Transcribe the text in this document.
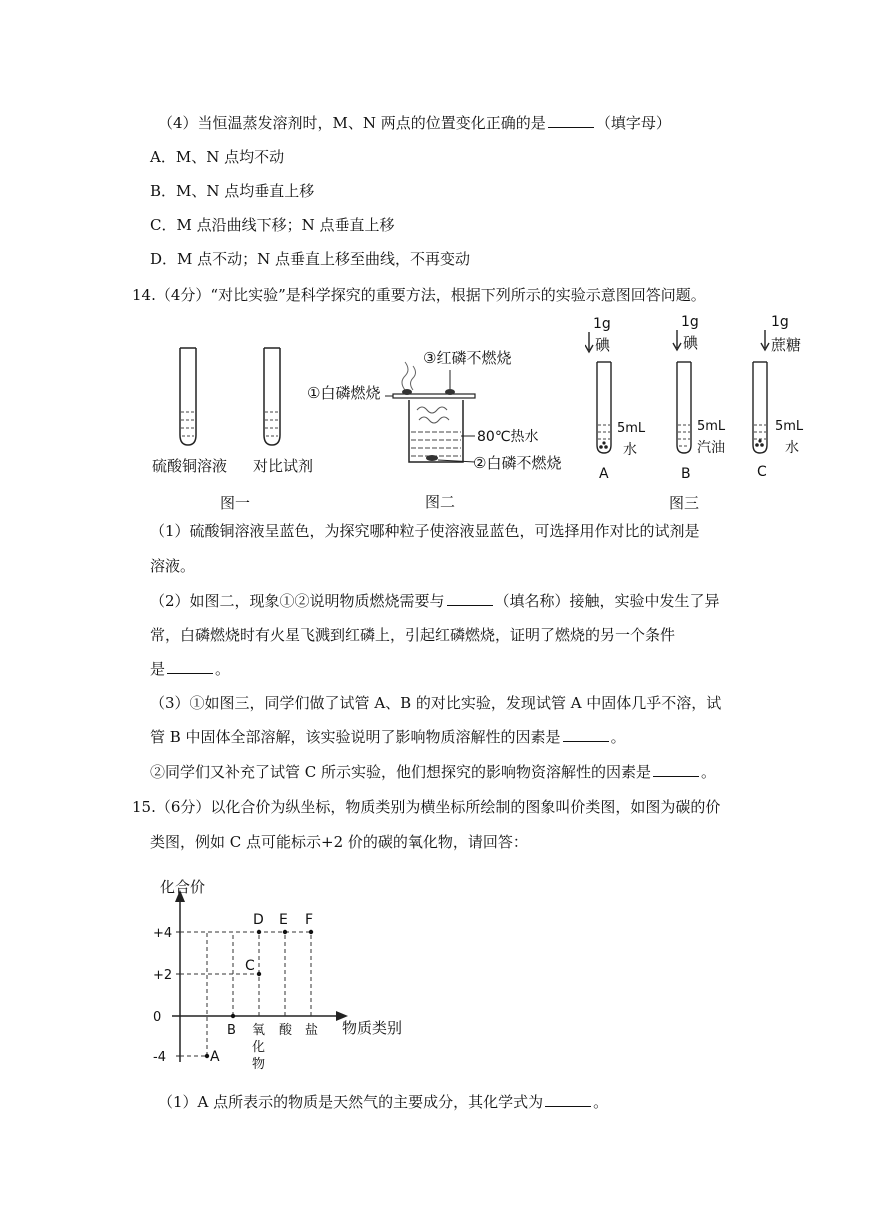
（4）当恒温蒸发溶剂时，M、N 两点的位置变化正确的是	（填字母）
A．M、N 点均不动
B．M、N 点均垂直上移
C．M 点沿曲线下移；N 点垂直上移
D．M 点不动；N 点垂直上移至曲线，不再变动
14.（4分）“对比实验”是科学探究的重要方法，根据下列所示的实验示意图回答问题。
硫酸铜溶液 对比试剂
图一
③红磷不燃烧
①白磷燃烧
80℃热水
②白磷不燃烧
图二
1g
碘
5mL
水
A
1g
碘
5mL
汽油
B
1g
蔗糖
5mL
水
C
图三
（1）硫酸铜溶液呈蓝色，为探究哪种粒子使溶液显蓝色，可选择用作对比的试剂是
溶液。
（2）如图二，现象①②说明物质燃烧需要与	（填名称）接触，实验中发生了异
常，白磷燃烧时有火星飞溅到红磷上，引起红磷燃烧，证明了燃烧的另一个条件
是	。
（3）①如图三，同学们做了试管 A、B 的对比实验，发现试管 A 中固体几乎不溶，试
管 B 中固体全部溶解，该实验说明了影响物质溶解性的因素是	。
②同学们又补充了试管 C 所示实验，他们想探究的影响物资溶解性的因素是	。
15.（6分）以化合价为纵坐标，物质类别为横坐标所绘制的图象叫价类图，如图为碳的价
类图，例如 C 点可能标示+2 价的碳的氧化物，请回答：
化合价
物质类别
+4
+2
0
-4
B 氧
化
物
酸 盐
A
C
D E F
（1）A 点所表示的物质是天然气的主要成分，其化学式为	。
